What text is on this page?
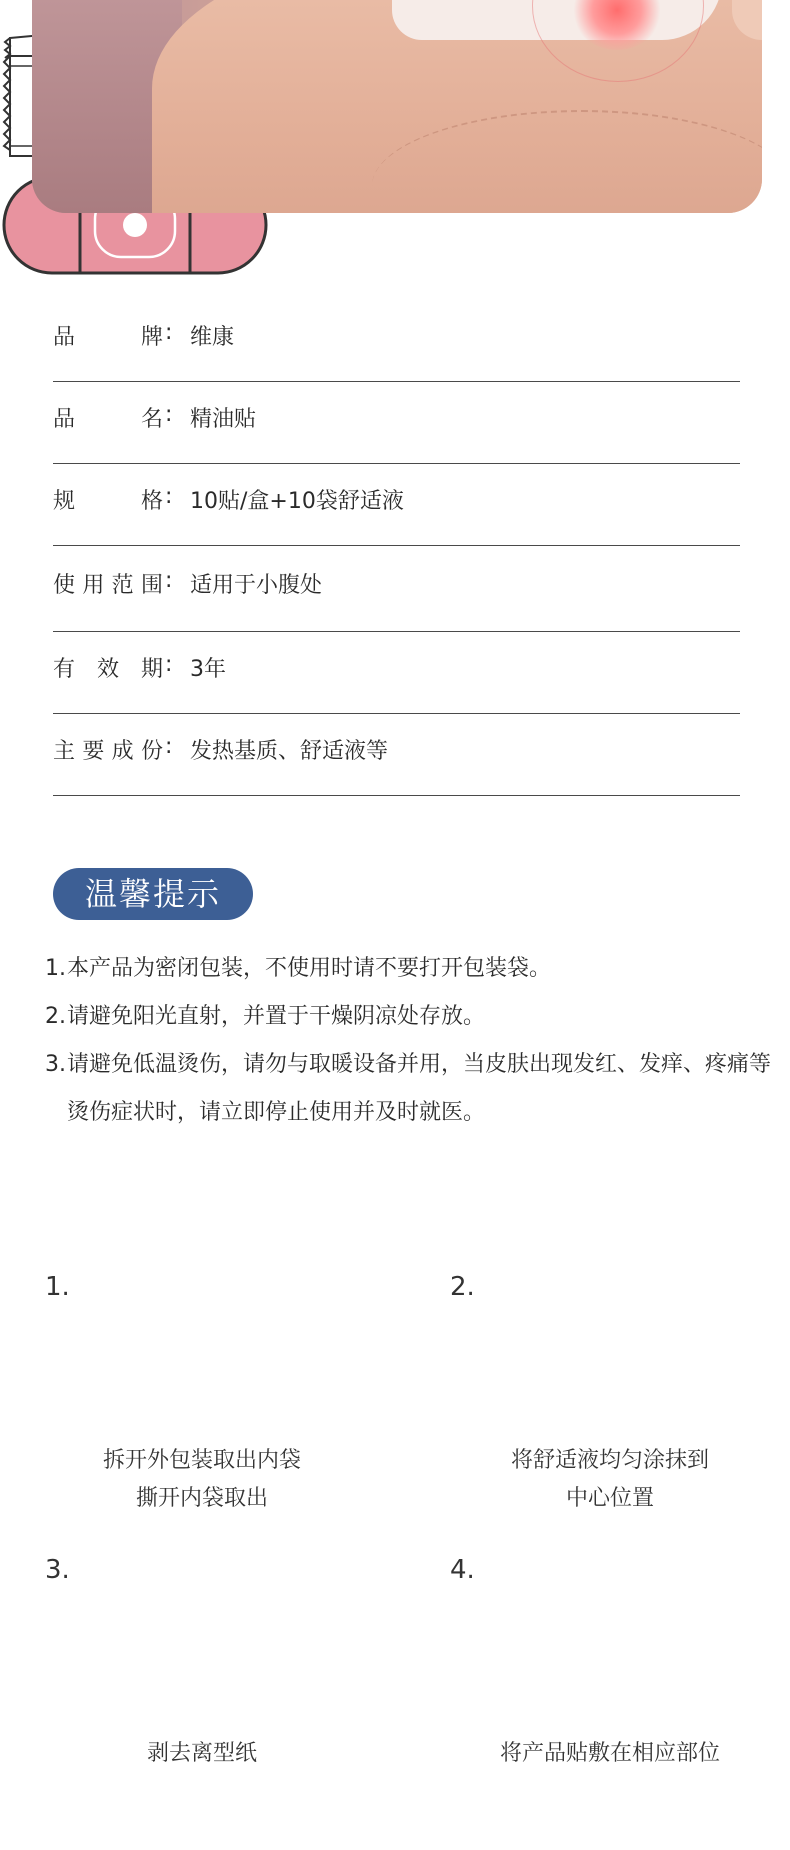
品牌 : 维康
品名 : 精油贴
规格 : 10贴/盒+10袋舒适液
使用范围 : 适用于小腹处
有效期 : 3年
主要成份 : 发热基质、舒适液等
温馨提示
1. 本产品为密闭包装，不使用时请不要打开包装袋。
2. 请避免阳光直射，并置于干燥阴凉处存放。
3. 请避免低温烫伤，请勿与取暖设备并用，当皮肤出现发红、发痒、疼痛等烫伤症状时，请立即停止使用并及时就医。
1.

拆开外包装取出内袋
撕开内袋取出
2.

将舒适液均匀涂抹到
中心位置
3.

剥去离型纸
4.
将产品贴敷在相应部位
